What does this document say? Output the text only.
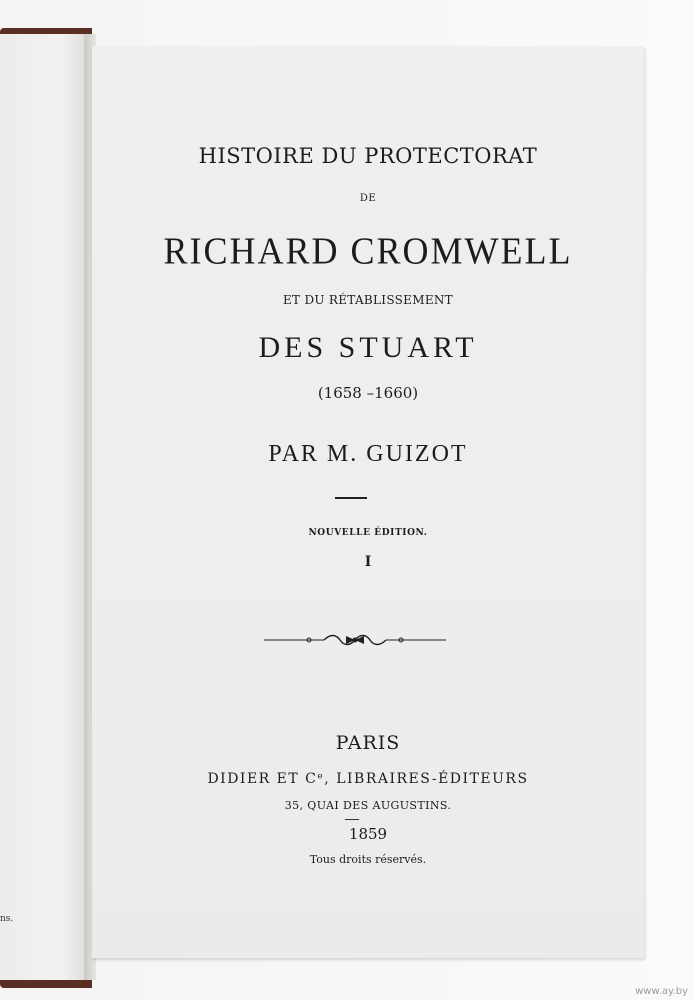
ns.
HISTOIRE DU PROTECTORAT
DE
RICHARD CROMWELL
ET DU RÉTABLISSEMENT
DES STUART
(1658 –1660)
PAR M. GUIZOT
NOUVELLE ÉDITION.
I
PARIS
DIDIER ET Cᵉ, LIBRAIRES-ÉDITEURS
35, QUAI DES AUGUSTINS.
1859
Tous droits réservés.
www.ay.by
